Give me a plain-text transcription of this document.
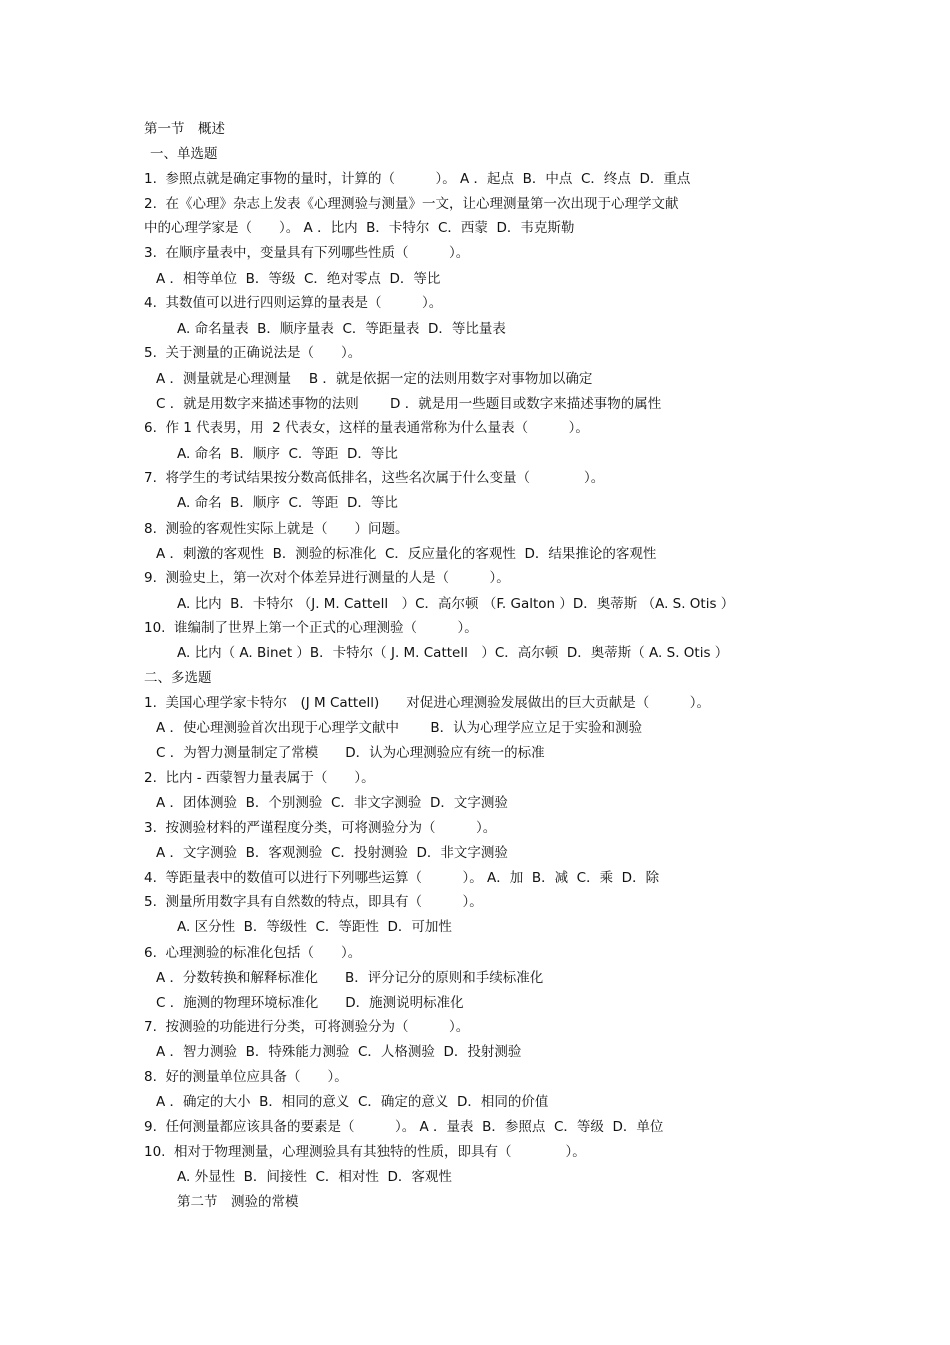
第一节　概述
一、单选题
1.  参照点就是确定事物的量时，计算的（　　　）。 A ．起点  B．中点  C．终点  D．重点
2.  在《心理》杂志上发表《心理测验与测量》一文，让心理测量第一次出现于心理学文献
中的心理学家是（　　）。 A ．比内  B．卡特尔  C．西蒙  D．韦克斯勒
3.  在顺序量表中，变量具有下列哪些性质（　　　）。
A ．相等单位  B．等级  C．绝对零点  D．等比
4.  其数值可以进行四则运算的量表是（　　　）。
A. 命名量表  B．顺序量表  C．等距量表  D．等比量表
5.  关于测量的正确说法是（　　）。
A ．测量就是心理测量　 B ．就是依据一定的法则用数字对事物加以确定
C ．就是用数字来描述事物的法则　　 D ．就是用一些题目或数字来描述事物的属性
6.  作 1 代表男，用  2 代表女，这样的量表通常称为什么量表（　　　）。
A. 命名  B．顺序  C．等距  D．等比
7.  将学生的考试结果按分数高低排名，这些名次属于什么变量（　　　　）。
A. 命名  B．顺序  C．等距  D．等比
8.  测验的客观性实际上就是（　　）问题。
A ．刺激的客观性  B．测验的标准化  C．反应量化的客观性  D．结果推论的客观性
9.  测验史上，第一次对个体差异进行测量的人是（　　　）。
A. 比内  B．卡特尔 （J. M. Cattell　）C．高尔顿 （F. Galton ）D．奥蒂斯 （A. S. Otis ）
10.  谁编制了世界上第一个正式的心理测验（　　　）。
A. 比内（ A. Binet ）B．卡特尔（ J. M. Cattell　）C．高尔顿  D．奥蒂斯（ A. S. Otis ）
二、多选题
1.  美国心理学家卡特尔　(J M Cattell)　　对促进心理测验发展做出的巨大贡献是（　　　）。
A ．使心理测验首次出现于心理学文献中　　 B．认为心理学应立足于实验和测验
C ．为智力测量制定了常模　　D．认为心理测验应有统一的标准
2.  比内 - 西蒙智力量表属于（　　）。
A ．团体测验  B．个别测验  C．非文字测验  D．文字测验
3.  按测验材料的严谨程度分类，可将测验分为（　　　）。
A ．文字测验  B．客观测验  C．投射测验  D．非文字测验
4.  等距量表中的数值可以进行下列哪些运算（　　　）。 A．加  B．减  C．乘  D．除
5.  测量所用数字具有自然数的特点，即具有（　　　）。
A. 区分性  B．等级性  C．等距性  D．可加性
6.  心理测验的标准化包括（　　）。
A ．分数转换和解释标准化　　B．评分记分的原则和手续标准化
C ．施测的物理环境标准化　　D．施测说明标准化
7.  按测验的功能进行分类，可将测验分为（　　　）。
A ．智力测验  B．特殊能力测验  C．人格测验  D．投射测验
8.  好的测量单位应具备（　　）。
A ．确定的大小  B．相同的意义  C．确定的意义  D．相同的价值
9.  任何测量都应该具备的要素是（　　　）。 A ．量表  B．参照点  C．等级  D．单位
10.  相对于物理测量，心理测验具有其独特的性质，即具有（　　　　）。
A. 外显性  B．间接性  C．相对性  D．客观性
第二节　测验的常模
